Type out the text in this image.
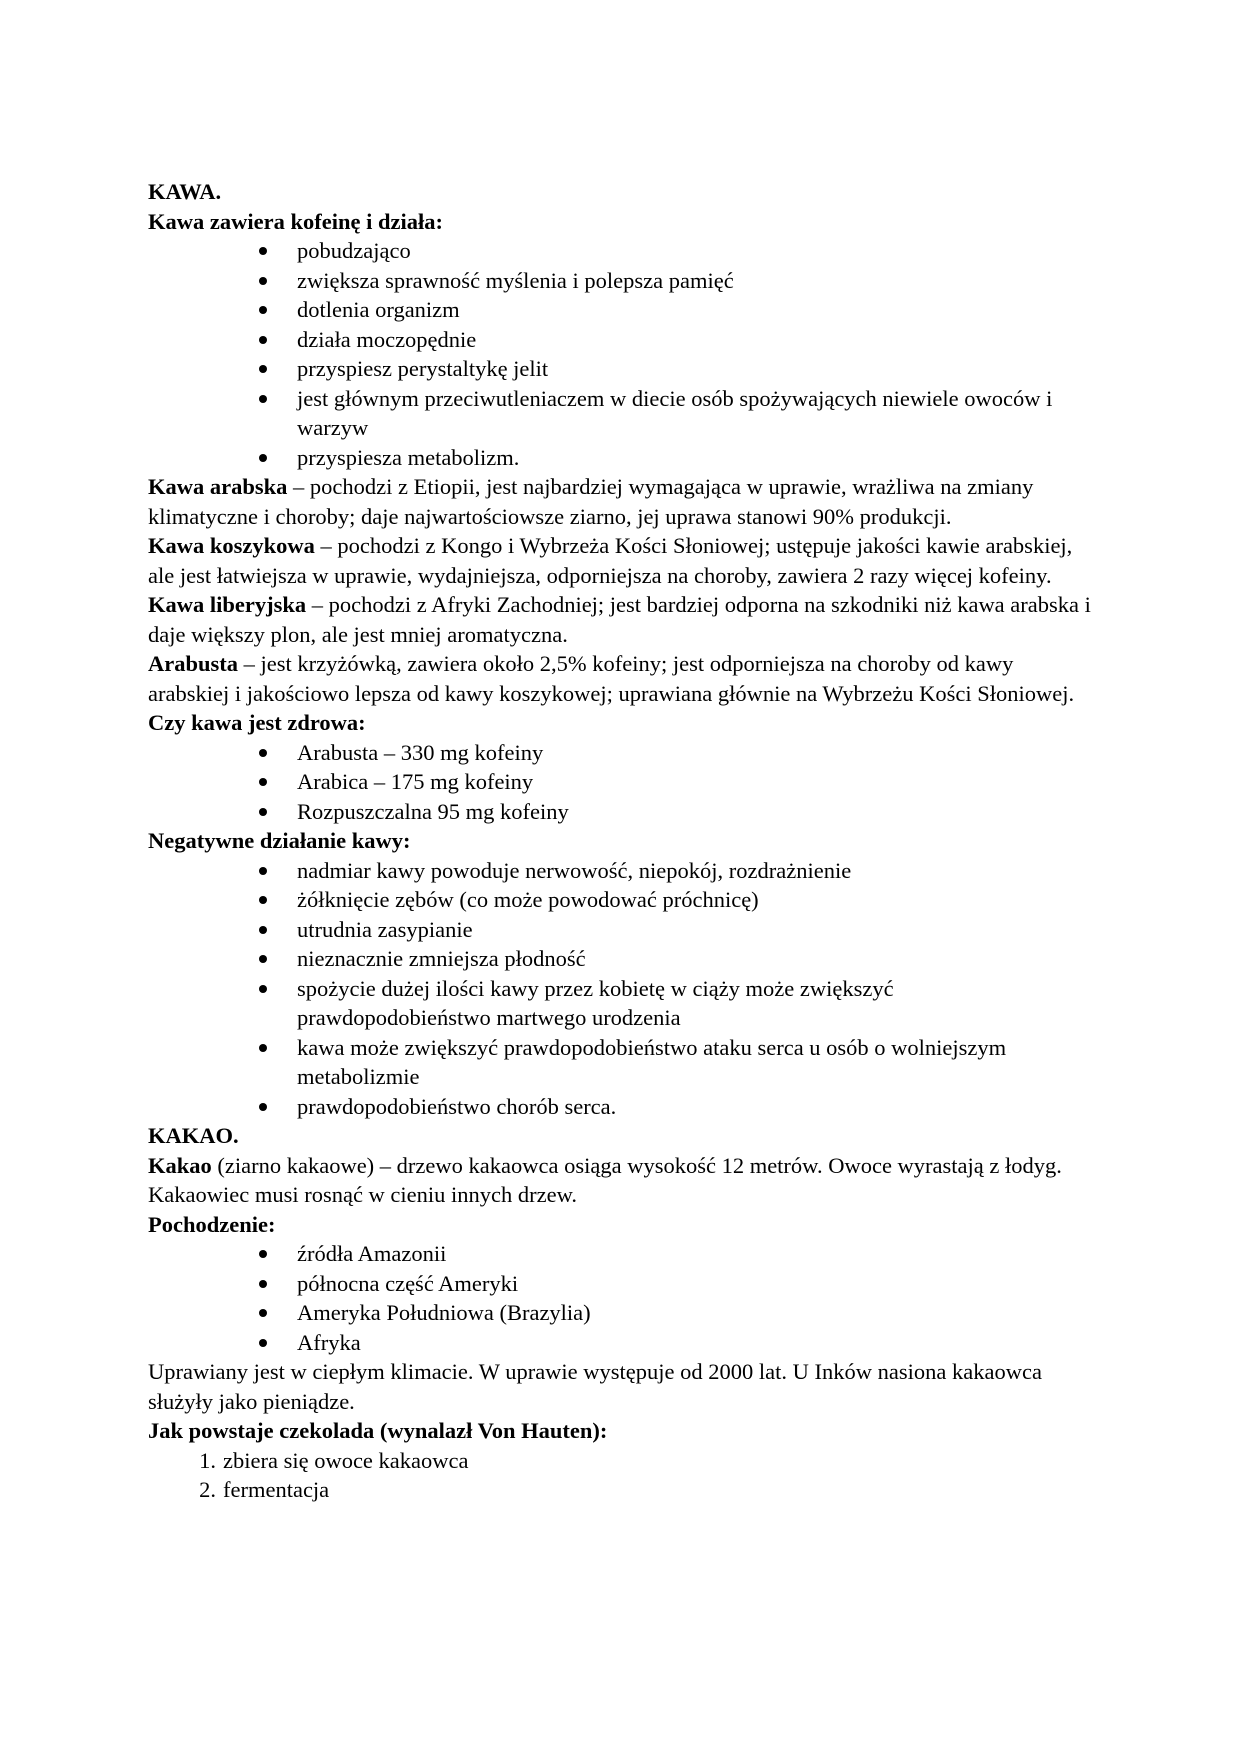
KAWA.

Kawa zawiera kofeinę i działa:

pobudzająco
zwiększa sprawność myślenia i polepsza pamięć
dotlenia organizm
działa moczopędnie
przyspiesz perystaltykę jelit
jest głównym przeciwutleniaczem w diecie osób spożywających niewiele owoców i warzyw
przyspiesza metabolizm.

Kawa arabska – pochodzi z Etiopii, jest najbardziej wymagająca w uprawie, wrażliwa na zmiany klimatyczne i choroby; daje najwartościowsze ziarno, jej uprawa stanowi 90% produkcji.

Kawa koszykowa – pochodzi z Kongo i Wybrzeża Kości Słoniowej; ustępuje jakości kawie arabskiej, ale jest łatwiejsza w uprawie, wydajniejsza, odporniejsza na choroby, zawiera 2 razy więcej kofeiny.

Kawa liberyjska – pochodzi z Afryki Zachodniej; jest bardziej odporna na szkodniki niż kawa arabska i daje większy plon, ale jest mniej aromatyczna.

Arabusta – jest krzyżówką, zawiera około 2,5% kofeiny; jest odporniejsza na choroby od kawy arabskiej i jakościowo lepsza od kawy koszykowej; uprawiana głównie na Wybrzeżu Kości Słoniowej.

Czy kawa jest zdrowa:

Arabusta – 330 mg kofeiny
Arabica – 175 mg kofeiny
Rozpuszczalna 95 mg kofeiny

Negatywne działanie kawy:

nadmiar kawy powoduje nerwowość, niepokój, rozdrażnienie
żółknięcie zębów (co może powodować próchnicę)
utrudnia zasypianie
nieznacznie zmniejsza płodność
spożycie dużej ilości kawy przez kobietę w ciąży może zwiększyć prawdopodobieństwo martwego urodzenia
kawa może zwiększyć prawdopodobieństwo ataku serca u osób o wolniejszym metabolizmie
prawdopodobieństwo chorób serca.

KAKAO.

Kakao (ziarno kakaowe) – drzewo kakaowca osiąga wysokość 12 metrów. Owoce wyrastają z łodyg. Kakaowiec musi rosnąć w cieniu innych drzew.

Pochodzenie:

źródła Amazonii
północna część Ameryki
Ameryka Południowa (Brazylia)
Afryka

Uprawiany jest w ciepłym klimacie. W uprawie występuje od 2000 lat. U Inków nasiona kakaowca służyły jako pieniądze.

Jak powstaje czekolada (wynalazł Von Hauten):

1. zbiera się owoce kakaowca
2. fermentacja
